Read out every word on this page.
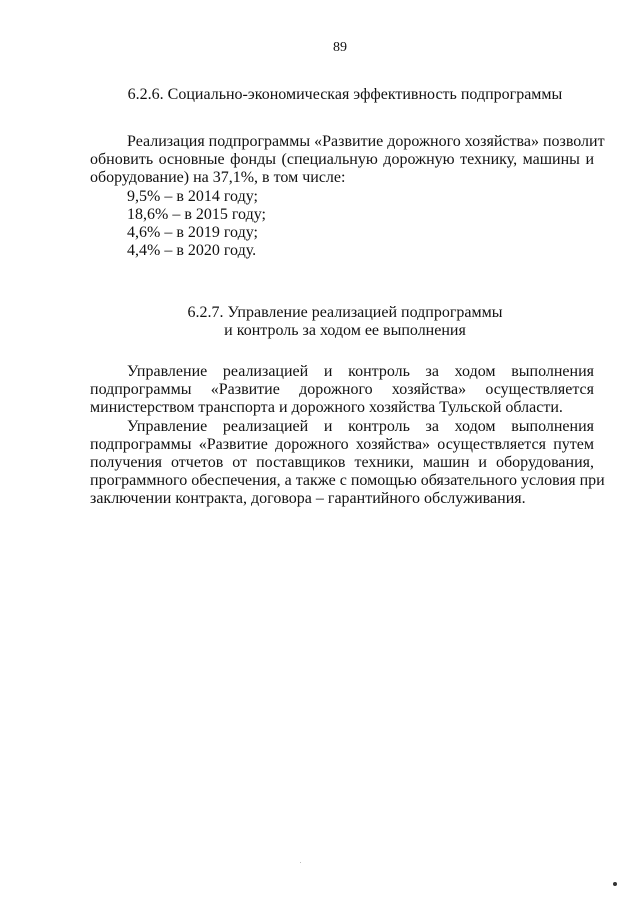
89
6.2.6. Социально-экономическая эффективность подпрограммы
Реализация подпрограммы «Развитие дорожного хозяйства» позволит
обновить основные фонды (специальную дорожную технику, машины и
оборудование) на 37,1%, в том числе:
9,5% – в 2014 году;
18,6% – в 2015 году;
4,6% – в 2019 году;
4,4% – в 2020 году.
6.2.7. Управление реализацией подпрограммы
и контроль за ходом ее выполнения
Управление реализацией и контроль за ходом выполнения
подпрограммы «Развитие дорожного хозяйства» осуществляется
министерством транспорта и дорожного хозяйства Тульской области.
Управление реализацией и контроль за ходом выполнения
подпрограммы «Развитие дорожного хозяйства» осуществляется путем
получения отчетов от поставщиков техники, машин и оборудования,
программного обеспечения, а также с помощью обязательного условия при
заключении контракта, договора – гарантийного обслуживания.
